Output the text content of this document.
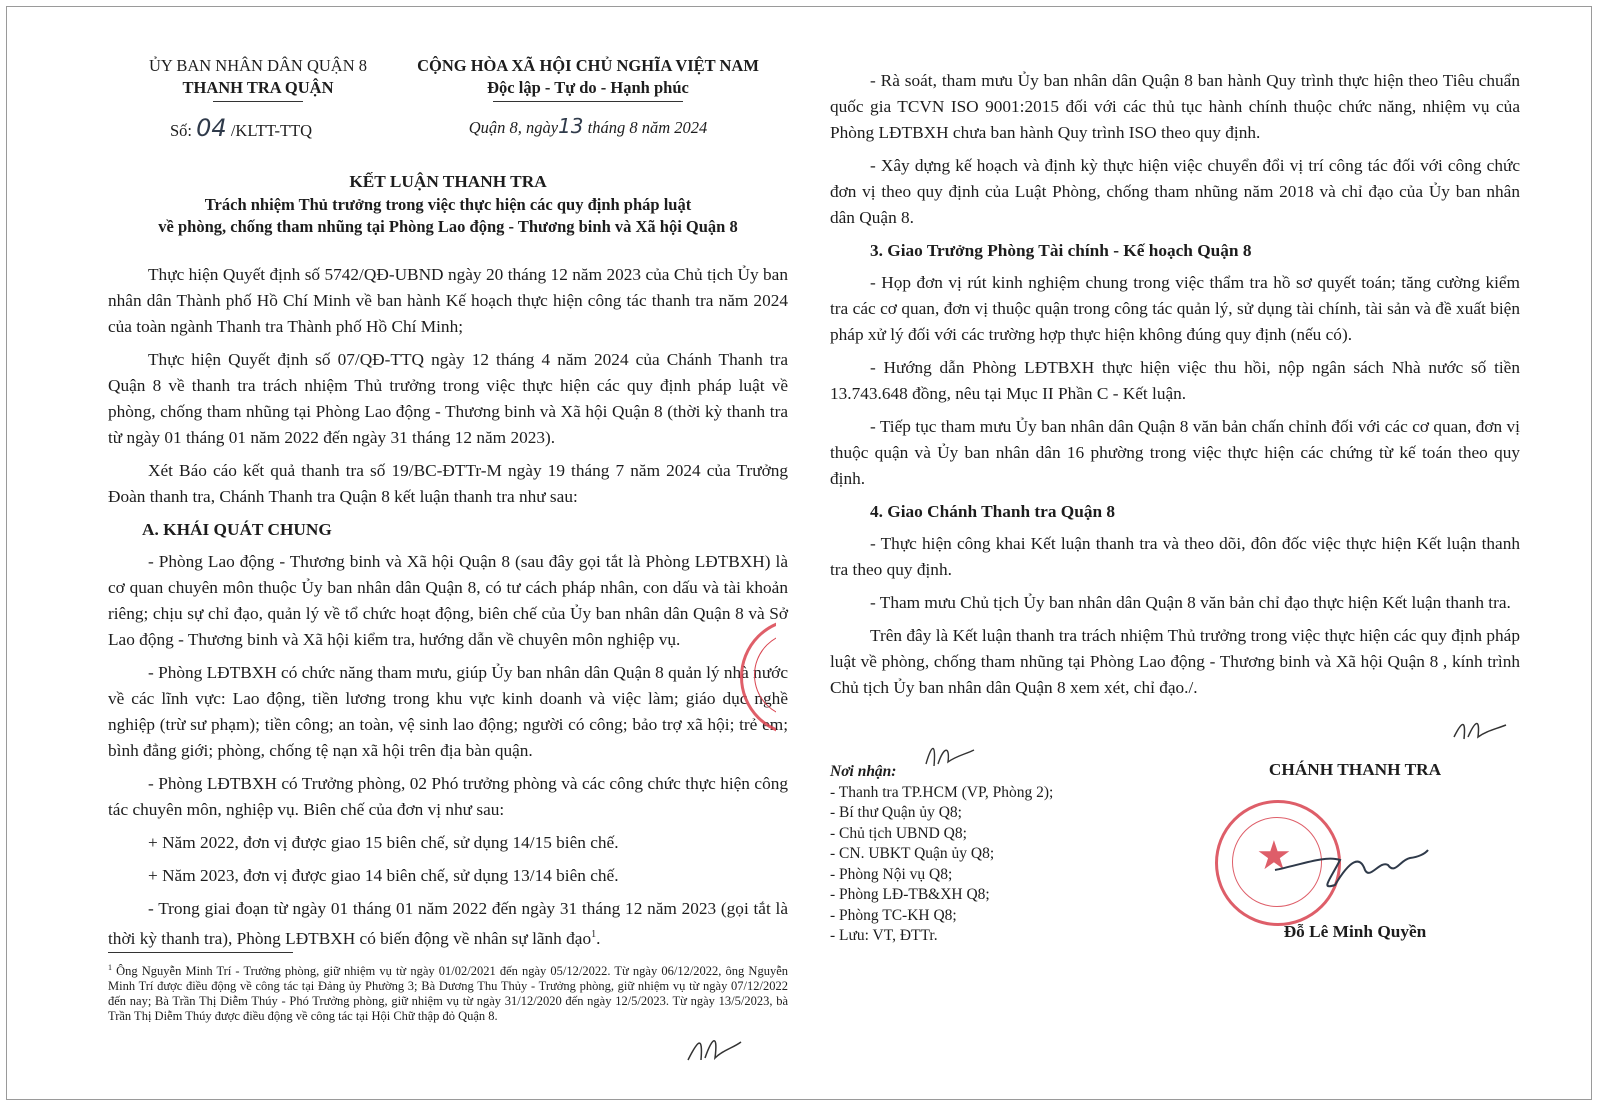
ỦY BAN NHÂN DÂN QUẬN 8
THANH TRA QUẬN
CỘNG HÒA XÃ HỘI CHỦ NGHĨA VIỆT NAM
Độc lập - Tự do - Hạnh phúc
Số: 04 /KLTT-TTQ	Quận 8, ngày13 tháng 8 năm 2024
KẾT LUẬN THANH TRA
Trách nhiệm Thủ trưởng trong việc thực hiện các quy định pháp luật
về phòng, chống tham nhũng tại Phòng Lao động - Thương binh và Xã hội Quận 8

Thực hiện Quyết định số 5742/QĐ-UBND ngày 20 tháng 12 năm 2023 của Chủ tịch Ủy ban nhân dân Thành phố Hồ Chí Minh về ban hành Kế hoạch thực hiện công tác thanh tra năm 2024 của toàn ngành Thanh tra Thành phố Hồ Chí Minh;

Thực hiện Quyết định số 07/QĐ-TTQ ngày 12 tháng 4 năm 2024 của Chánh Thanh tra Quận 8 về thanh tra trách nhiệm Thủ trưởng trong việc thực hiện các quy định pháp luật về phòng, chống tham nhũng tại Phòng Lao động - Thương binh và Xã hội Quận 8 (thời kỳ thanh tra từ ngày 01 tháng 01 năm 2022 đến ngày 31 tháng 12 năm 2023).

Xét Báo cáo kết quả thanh tra số 19/BC-ĐTTr-M ngày 19 tháng 7 năm 2024 của Trưởng Đoàn thanh tra, Chánh Thanh tra Quận 8 kết luận thanh tra như sau:

A. KHÁI QUÁT CHUNG

- Phòng Lao động - Thương binh và Xã hội Quận 8 (sau đây gọi tắt là Phòng LĐTBXH) là cơ quan chuyên môn thuộc Ủy ban nhân dân Quận 8, có tư cách pháp nhân, con dấu và tài khoản riêng; chịu sự chỉ đạo, quản lý về tổ chức hoạt động, biên chế của Ủy ban nhân dân Quận 8 và Sở Lao động - Thương binh và Xã hội kiểm tra, hướng dẫn về chuyên môn nghiệp vụ.

- Phòng LĐTBXH có chức năng tham mưu, giúp Ủy ban nhân dân Quận 8 quản lý nhà nước về các lĩnh vực: Lao động, tiền lương trong khu vực kinh doanh và việc làm; giáo dục nghề nghiệp (trừ sư phạm); tiền công; an toàn, vệ sinh lao động; người có công; bảo trợ xã hội; trẻ em; bình đẳng giới; phòng, chống tệ nạn xã hội trên địa bàn quận.

- Phòng LĐTBXH có Trưởng phòng, 02 Phó trưởng phòng và các công chức thực hiện công tác chuyên môn, nghiệp vụ. Biên chế của đơn vị như sau:

+ Năm 2022, đơn vị được giao 15 biên chế, sử dụng 14/15 biên chế.

+ Năm 2023, đơn vị được giao 14 biên chế, sử dụng 13/14 biên chế.

- Trong giai đoạn từ ngày 01 tháng 01 năm 2022 đến ngày 31 tháng 12 năm 2023 (gọi tắt là thời kỳ thanh tra), Phòng LĐTBXH có biến động về nhân sự lãnh đạo$^1$.

$^1$ Ông Nguyễn Minh Trí - Trưởng phòng, giữ nhiệm vụ từ ngày 01/02/2021 đến ngày 05/12/2022. Từ ngày 06/12/2022, ông Nguyễn Minh Trí được điều động về công tác tại Đảng ủy Phường 3; Bà Dương Thu Thủy - Trưởng phòng, giữ nhiệm vụ từ ngày 07/12/2022 đến nay; Bà Trần Thị Diễm Thúy - Phó Trưởng phòng, giữ nhiệm vụ từ ngày 31/12/2020 đến ngày 12/5/2023. Từ ngày 13/5/2023, bà Trần Thị Diễm Thúy được điều động về công tác tại Hội Chữ thập đỏ Quận 8.

- Rà soát, tham mưu Ủy ban nhân dân Quận 8 ban hành Quy trình thực hiện theo Tiêu chuẩn quốc gia TCVN ISO 9001:2015 đối với các thủ tục hành chính thuộc chức năng, nhiệm vụ của Phòng LĐTBXH chưa ban hành Quy trình ISO theo quy định.

- Xây dựng kế hoạch và định kỳ thực hiện việc chuyển đổi vị trí công tác đối với công chức đơn vị theo quy định của Luật Phòng, chống tham nhũng năm 2018 và chỉ đạo của Ủy ban nhân dân Quận 8.

3. Giao Trưởng Phòng Tài chính - Kế hoạch Quận 8

- Họp đơn vị rút kinh nghiệm chung trong việc thẩm tra hồ sơ quyết toán; tăng cường kiểm tra các cơ quan, đơn vị thuộc quận trong công tác quản lý, sử dụng tài chính, tài sản và đề xuất biện pháp xử lý đối với các trường hợp thực hiện không đúng quy định (nếu có).

- Hướng dẫn Phòng LĐTBXH thực hiện việc thu hồi, nộp ngân sách Nhà nước số tiền 13.743.648 đồng, nêu tại Mục II Phần C - Kết luận.

- Tiếp tục tham mưu Ủy ban nhân dân Quận 8 văn bản chấn chỉnh đối với các cơ quan, đơn vị thuộc quận và Ủy ban nhân dân 16 phường trong việc thực hiện các chứng từ kế toán theo quy định.

4. Giao Chánh Thanh tra Quận 8

- Thực hiện công khai Kết luận thanh tra và theo dõi, đôn đốc việc thực hiện Kết luận thanh tra theo quy định.

- Tham mưu Chủ tịch Ủy ban nhân dân Quận 8 văn bản chỉ đạo thực hiện Kết luận thanh tra.

Trên đây là Kết luận thanh tra trách nhiệm Thủ trưởng trong việc thực hiện các quy định pháp luật về phòng, chống tham nhũng tại Phòng Lao động - Thương binh và Xã hội Quận 8 , kính trình Chủ tịch Ủy ban nhân dân Quận 8 xem xét, chỉ đạo./.

Nơi nhận:
- Thanh tra TP.HCM (VP, Phòng 2);
- Bí thư Quận ủy Q8;
- Chủ tịch UBND Q8;
- CN. UBKT Quận ủy Q8;
- Phòng Nội vụ Q8;
- Phòng LĐ-TB&XH Q8;
- Phòng TC-KH Q8;
- Lưu: VT, ĐTTr.
CHÁNH THANH TRA
★
Đỗ Lê Minh Quyền
